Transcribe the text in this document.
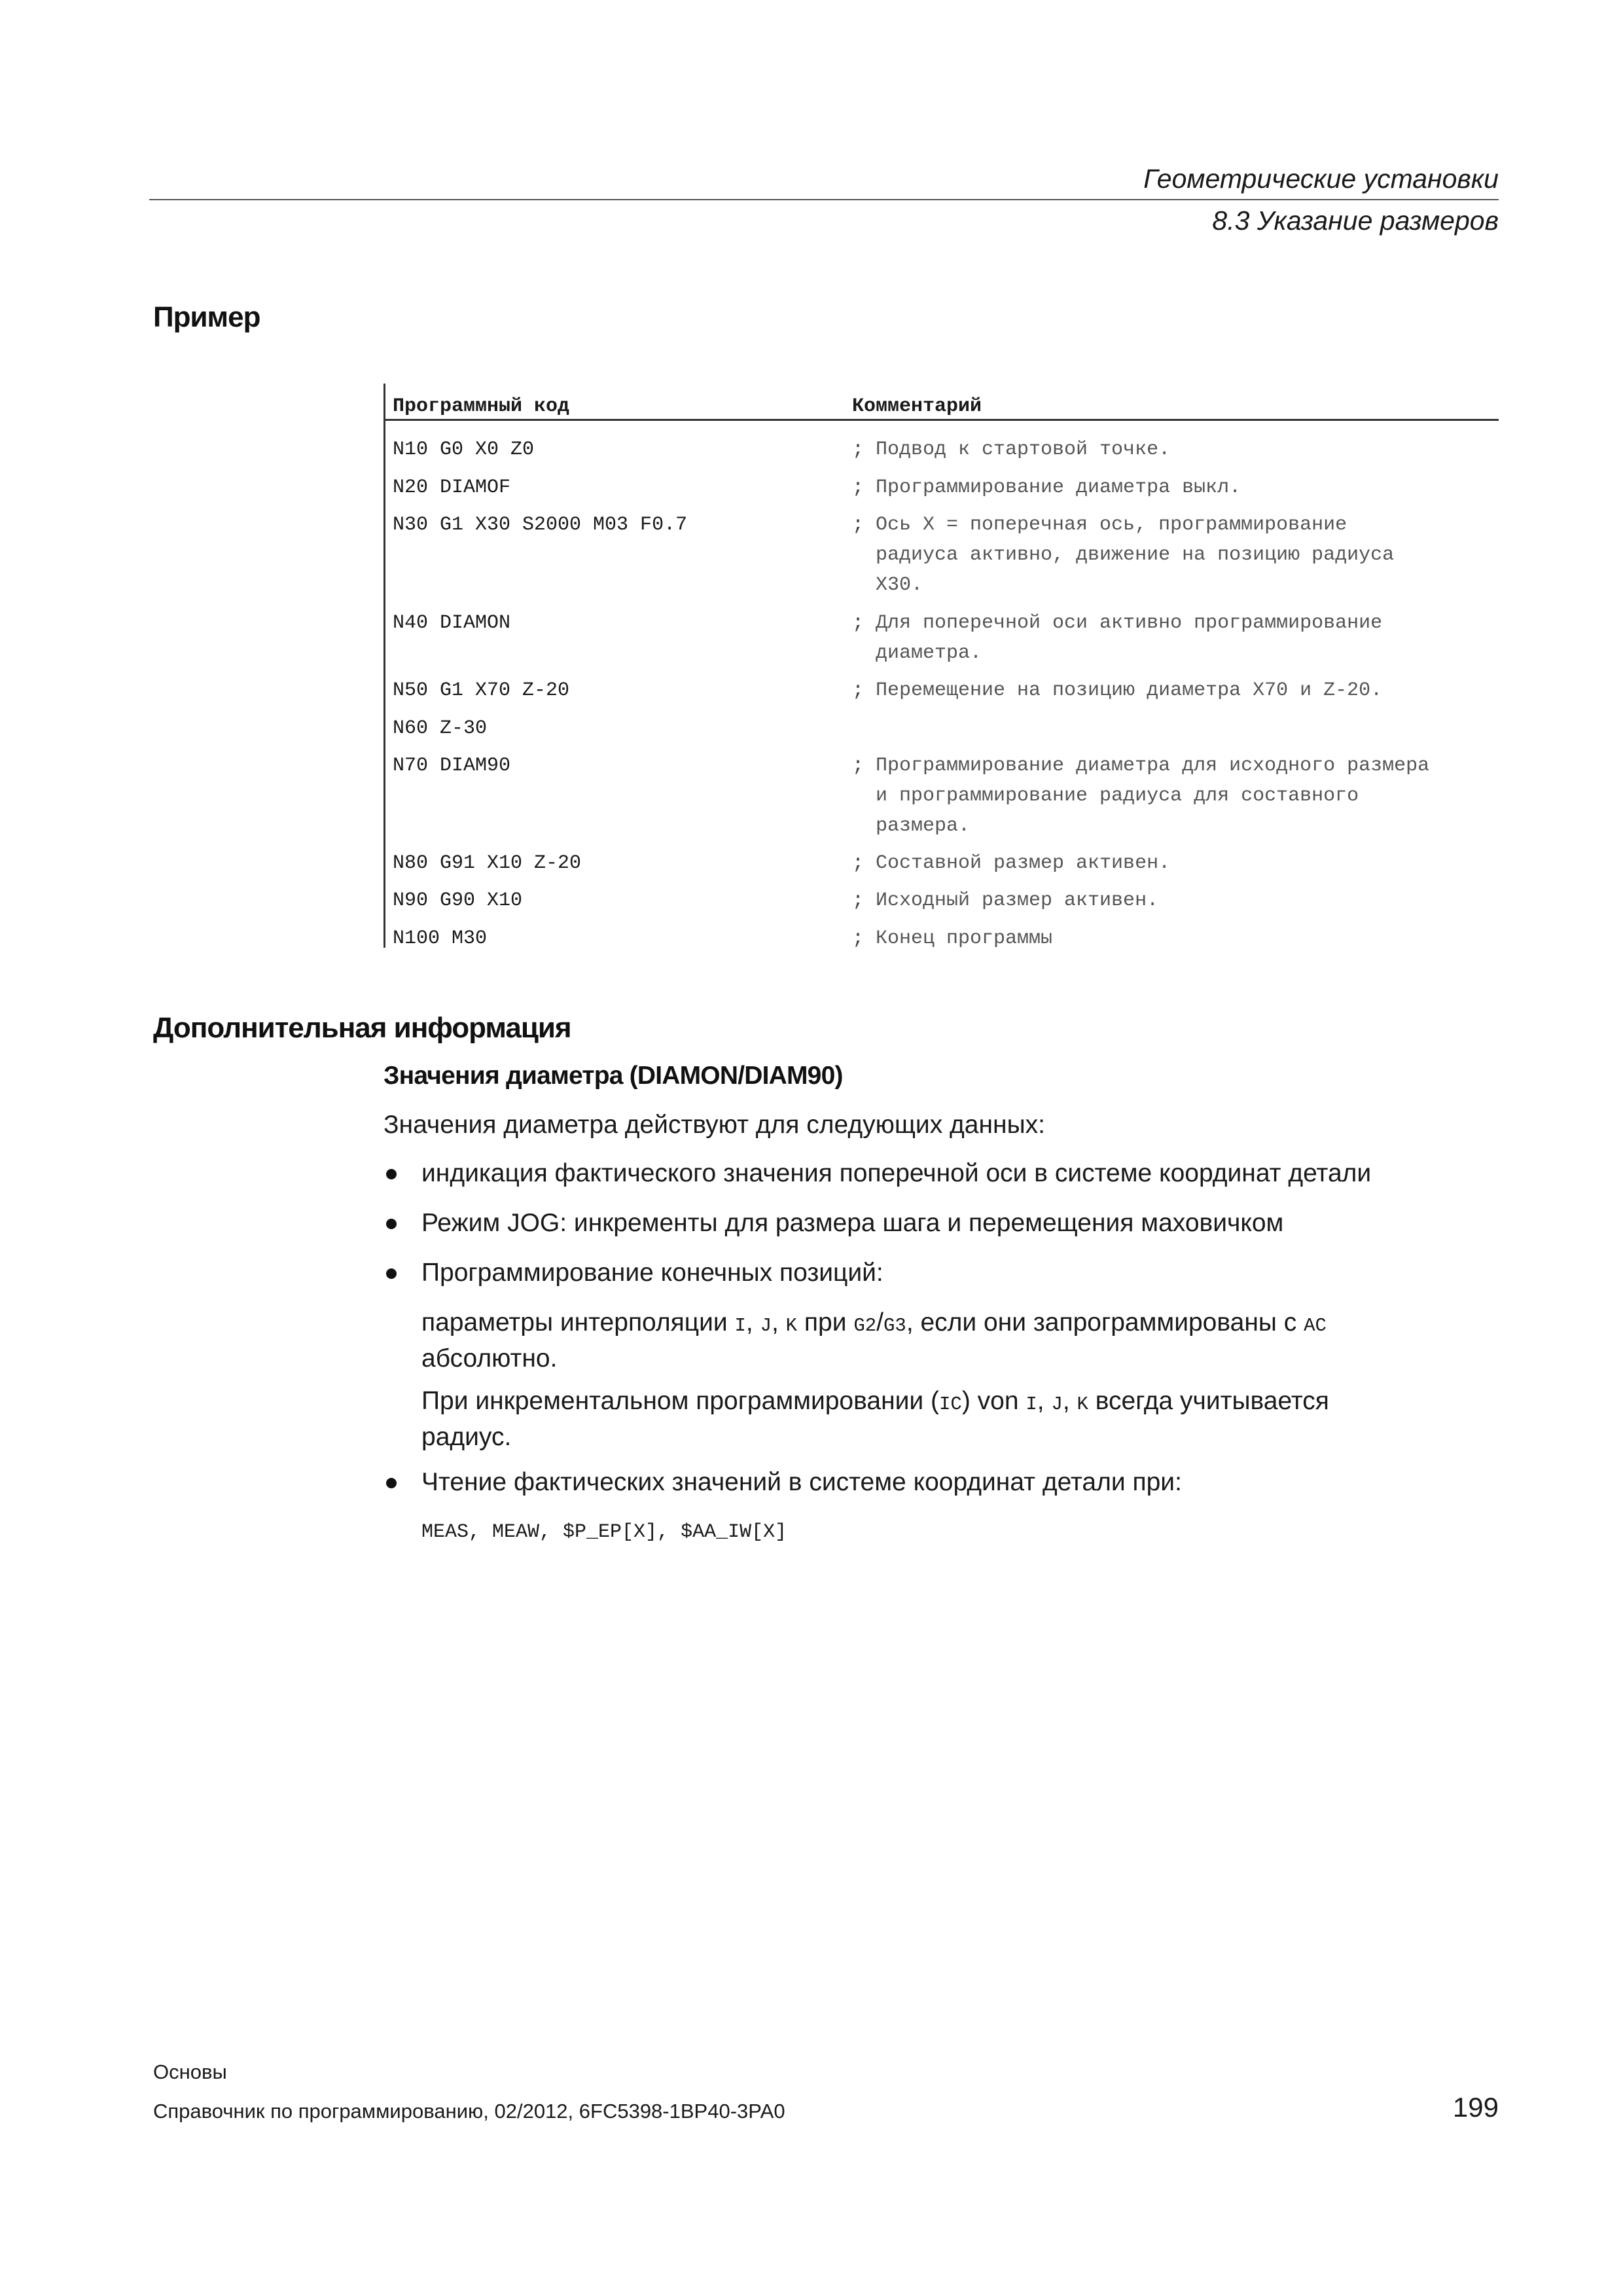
Геометрические установки
8.3 Указание размеров
Пример
Программный код	Комментарий
N10 G0 X0 Z0	; Подвод к стартовой точке.
N20 DIAMOF	; Программирование диаметра выкл.
N30 G1 X30 S2000 M03 F0.7	; Ось X = поперечная ось, программирование
радиуса активно, движение на позицию радиуса
X30.
N40 DIAMON	; Для поперечной оси активно программирование
диаметра.
N50 G1 X70 Z-20	; Перемещение на позицию диаметра X70 и Z-20.
N60 Z-30
N70 DIAM90	; Программирование диаметра для исходного размера
и программирование радиуса для составного
размера.
N80 G91 X10 Z-20	; Составной размер активен.
N90 G90 X10	; Исходный размер активен.
N100 M30	; Конец программы
Дополнительная информация
Значения диаметра (DIAMON/DIAM90)
Значения диаметра действуют для следующих данных:
индикация фактического значения поперечной оси в системе координат детали
Режим JOG: инкременты для размера шага и перемещения маховичком
Программирование конечных позиций:
параметры интерполяции I, J, K при G2/G3, если они запрограммированы с AC
абсолютно.
При инкрементальном программировании (IC) von I, J, K всегда учитывается
радиус.
Чтение фактических значений в системе координат детали при:
MEAS, MEAW, $P_EP[X], $AA_IW[X]
Основы
Справочник по программированию, 02/2012, 6FC5398-1BP40-3PA0	199
